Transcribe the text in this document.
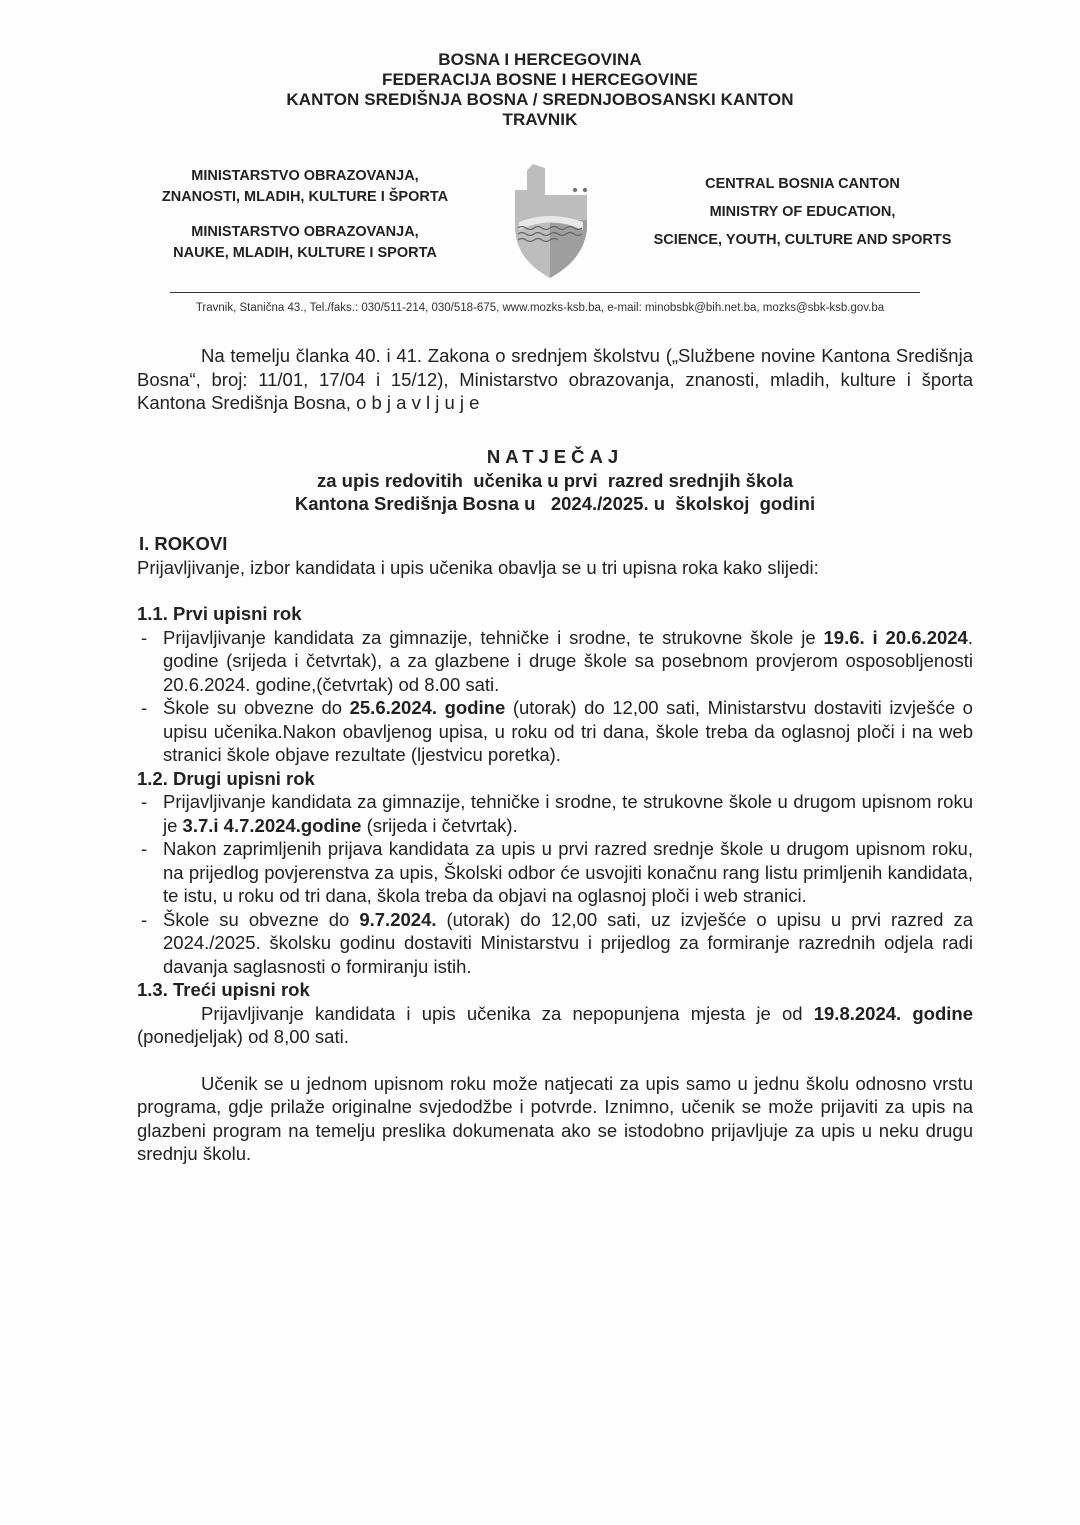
BOSNA I HERCEGOVINA
FEDERACIJA BOSNE I HERCEGOVINE
KANTON SREDIŠNJA BOSNA / SREDNJOBOSANSKI KANTON
TRAVNIK
MINISTARSTVO OBRAZOVANJA,
ZNANOSTI, MLADIH, KULTURE I ŠPORTA
MINISTARSTVO OBRAZOVANJA,
NAUKE, MLADIH, KULTURE I SPORTA
CENTRAL BOSNIA CANTON
MINISTRY OF EDUCATION,
SCIENCE, YOUTH, CULTURE AND SPORTS
Travnik, Stanična 43., Tel./faks.: 030/511-214, 030/518-675, www.mozks-ksb.ba, e-mail: minobsbk@bih.net.ba, mozks@sbk-ksb.gov.ba
Na temelju članka 40. i 41. Zakona o srednjem školstvu („Službene novine Kantona Središnja Bosna“, broj: 11/01, 17/04 i 15/12), Ministarstvo obrazovanja, znanosti, mladih, kulture i športa Kantona Središnja Bosna, o b j a v l j u j e
NATJEČAJ
za upis redovitih  učenika u prvi  razred srednjih škola
Kantona Središnja Bosna u   2024./2025. u  školskoj  godini
I. ROKOVI
Prijavljivanje, izbor kandidata i upis učenika obavlja se u tri upisna roka kako slijedi:
1.1. Prvi upisni rok
- Prijavljivanje kandidata za gimnazije, tehničke i srodne, te strukovne škole je 19.6. i 20.6.2024. godine (srijeda i četvrtak), a za glazbene i druge škole sa posebnom provjerom osposobljenosti 20.6.2024. godine,(četvrtak) od 8.00 sati.
- Škole su obvezne do 25.6.2024. godine (utorak) do 12,00 sati, Ministarstvu dostaviti izvješće o upisu učenika.Nakon obavljenog upisa, u roku od tri dana, škole treba da oglasnoj ploči i na web stranici škole objave rezultate (ljestvicu poretka).
1.2. Drugi upisni rok
- Prijavljivanje kandidata za gimnazije, tehničke i srodne, te strukovne škole u drugom upisnom roku je 3.7.i 4.7.2024.godine (srijeda i četvrtak).
- Nakon zaprimljenih prijava kandidata za upis u prvi razred srednje škole u drugom upisnom roku, na prijedlog povjerenstva za upis, Školski odbor će usvojiti konačnu rang listu primljenih kandidata, te istu, u roku od tri dana, škola treba da objavi na oglasnoj ploči i web stranici.
- Škole su obvezne do 9.7.2024. (utorak) do 12,00 sati, uz izvješće o upisu u prvi razred za 2024./2025. školsku godinu dostaviti Ministarstvu i prijedlog za formiranje razrednih odjela radi davanja saglasnosti o formiranju istih.
1.3. Treći upisni rok
Prijavljivanje kandidata i upis učenika za nepopunjena mjesta je od 19.8.2024. godine (ponedjeljak) od 8,00 sati.
Učenik se u jednom upisnom roku može natjecati za upis samo u jednu školu odnosno vrstu programa, gdje prilaže originalne svjedodžbe i potvrde. Iznimno, učenik se može prijaviti za upis na glazbeni program na temelju preslika dokumenata ako se istodobno prijavljuje za upis u neku drugu srednju školu.
